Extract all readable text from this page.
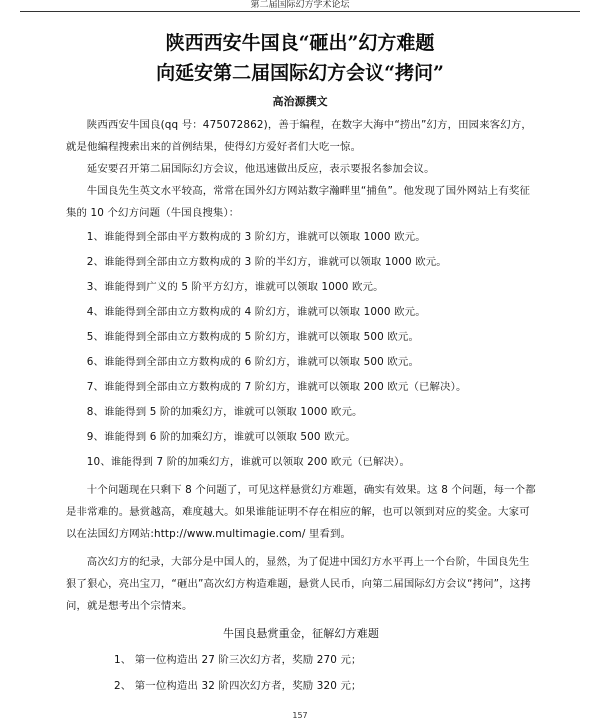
第二届国际幻方学术论坛
陕西西安牛国良“砸出”幻方难题
向延安第二届国际幻方会议“拷问”
高治源撰文

陕西西安牛国良(qq 号：475072862)，善于编程，在数字大海中“捞出”幻方，田园来客幻方，就是他编程搜索出来的首例结果，使得幻方爱好者们大吃一惊。

延安要召开第二届国际幻方会议，他迅速做出反应，表示要报名参加会议。

牛国良先生英文水平较高，常常在国外幻方网站数字瀚畔里“捕鱼”。他发现了国外网站上有奖征集的 10 个幻方问题（牛国良搜集）：

1、谁能得到全部由平方数构成的 3 阶幻方，谁就可以领取 1000 欧元。

2、谁能得到全部由立方数构成的 3 阶的半幻方，谁就可以领取 1000 欧元。

3、谁能得到广义的 5 阶平方幻方，谁就可以领取 1000 欧元。

4、谁能得到全部由立方数构成的 4 阶幻方，谁就可以领取 1000 欧元。

5、谁能得到全部由立方数构成的 5 阶幻方，谁就可以领取 500 欧元。

6、谁能得到全部由立方数构成的 6 阶幻方，谁就可以领取 500 欧元。

7、谁能得到全部由立方数构成的 7 阶幻方，谁就可以领取 200 欧元（已解决）。

8、谁能得到 5 阶的加乘幻方，谁就可以领取 1000 欧元。

9、谁能得到 6 阶的加乘幻方，谁就可以领取 500 欧元。

10、谁能得到 7 阶的加乘幻方，谁就可以领取 200 欧元（已解决）。

十个问题现在只剩下 8 个问题了，可见这样悬赏幻方难题，确实有效果。这 8 个问题，每一个都是非常难的。悬赏越高，难度越大。如果谁能证明不存在相应的解，也可以领到对应的奖金。大家可以在法国幻方网站:http://www.multimagie.com/ 里看到。

高次幻方的纪录，大部分是中国人的，显然，为了促进中国幻方水平再上一个台阶，牛国良先生狠了狠心，亮出宝刀，“砸出”高次幻方构造难题，悬赏人民币，向第二届国际幻方会议“拷问”，这拷问，就是想考出个宗情来。

牛国良悬赏重金，征解幻方难题

1、 第一位构造出 27 阶三次幻方者，奖励 270 元；

2、 第一位构造出 32 阶四次幻方者，奖励 320 元；

157
